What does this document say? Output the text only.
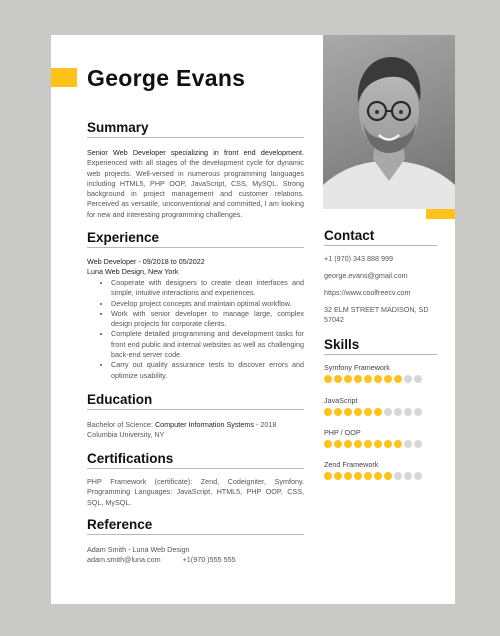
George Evans
Summary
Senior Web Developer specializing in front end development. Experienced with all stages of the development cycle for dynamic web projects. Well-versed in numerous programming languages including HTML5, PHP OOP, JavaScript, CSS, MySQL. Strong background in project management and customer relations. Perceived as versatile, unconventional and committed, I am looking for new and interesting programming challenges.
Experience
Web Developer - 09/2018 to 05/2022
Luna Web Design, New York
• Cooperate with designers to create clean interfaces and simple, intuitive interactions and experiences.
• Develop project concepts and maintain optimal workflow.
• Work with senior developer to manage large, complex design projects for corporate clients.
• Complete detailed programming and development tasks for front end public and internal websites as well as challenging back-end server code.
• Carry out quality assurance tests to discover errors and optimize usability.
Education
Bachelor of Science: Computer Information Systems - 2018
Columbia University, NY
Certifications
PHP Framework (certificate): Zend, Codeigniter, Symfony. Programming Languages: JavaScript, HTML5, PHP OOP, CSS, SQL, MySQL.
Reference
Adam Smith - Luna Web Design
adam.smith@luna.com	+1(970 )555 555
Contact
+1 (970) 343 888 999
george.evans@gmail.com
https://www.coolfreecv.com
32 ELM STREET MADISON, SD 57042
Skills
Symfony Framework
JavaScript
PHP / OOP
Zend Framework
